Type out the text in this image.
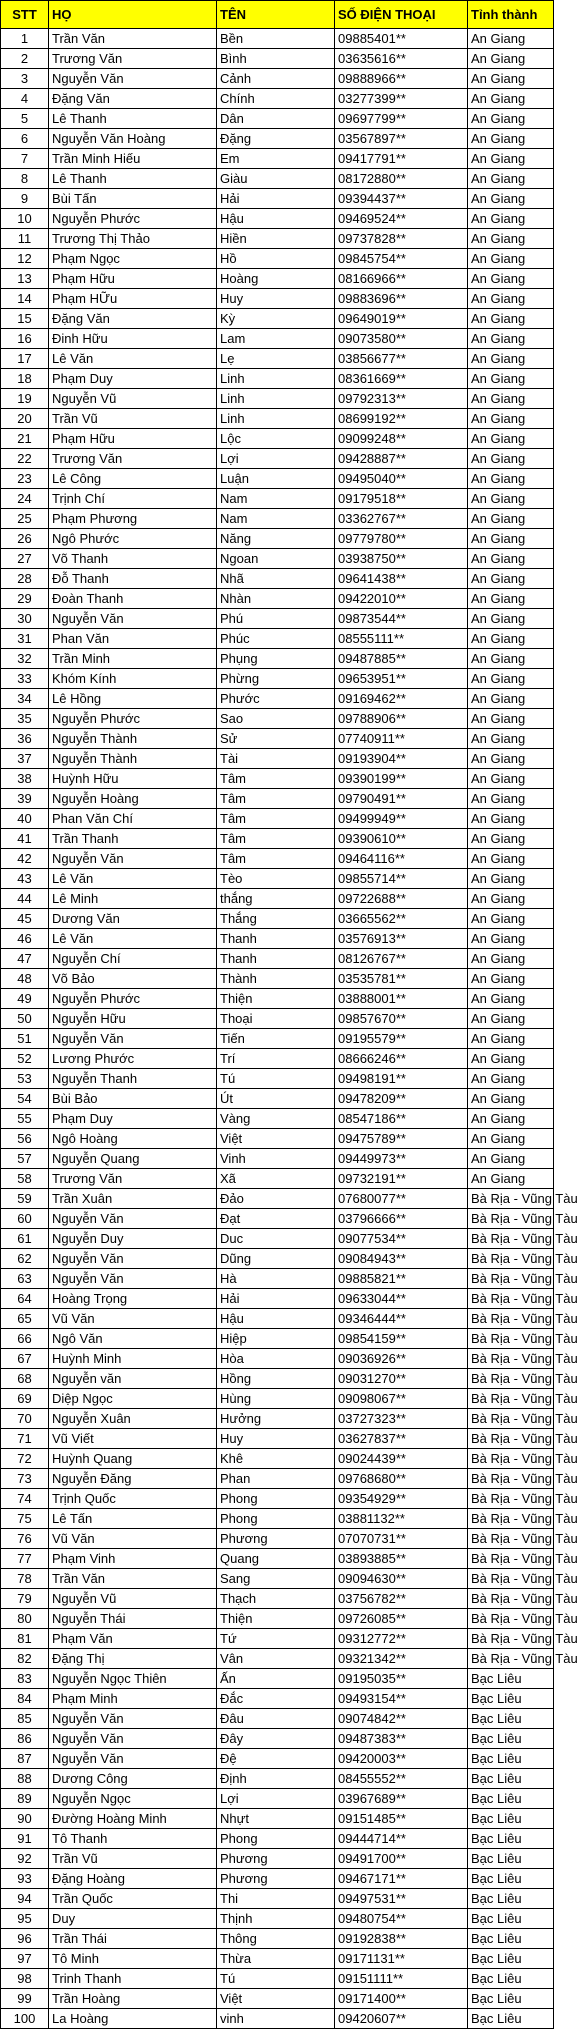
STT	HỌ	TÊN	SỐ ĐIỆN THOẠI	Tỉnh thành
1	Trần Văn	Bền	09885401**	An Giang
2	Trương Văn	Bình	03635616**	An Giang
3	Nguyễn Văn	Cảnh	09888966**	An Giang
4	Đặng Văn	Chính	03277399**	An Giang
5	Lê Thanh	Dân	09697799**	An Giang
6	Nguyễn Văn Hoàng	Đặng	03567897**	An Giang
7	Trần Minh Hiếu	Em	09417791**	An Giang
8	Lê Thanh	Giàu	08172880**	An Giang
9	Bùi Tấn	Hải	09394437**	An Giang
10	Nguyễn Phước	Hậu	09469524**	An Giang
11	Trương Thị Thảo	Hiền	09737828**	An Giang
12	Phạm Ngọc	Hồ	09845754**	An Giang
13	Phạm Hữu	Hoàng	08166966**	An Giang
14	Phạm HỮu	Huy	09883696**	An Giang
15	Đặng Văn	Kỳ	09649019**	An Giang
16	Đinh Hữu	Lam	09073580**	An Giang
17	Lê Văn	Lẹ	03856677**	An Giang
18	Phạm Duy	Linh	08361669**	An Giang
19	Nguyễn Vũ	Linh	09792313**	An Giang
20	Trần Vũ	Linh	08699192**	An Giang
21	Phạm Hữu	Lộc	09099248**	An Giang
22	Trương Văn	Lợi	09428887**	An Giang
23	Lê Công	Luận	09495040**	An Giang
24	Trịnh Chí	Nam	09179518**	An Giang
25	Phạm Phương	Nam	03362767**	An Giang
26	Ngô Phước	Năng	09779780**	An Giang
27	Võ Thanh	Ngoan	03938750**	An Giang
28	Đỗ Thanh	Nhã	09641438**	An Giang
29	Đoàn Thanh	Nhàn	09422010**	An Giang
30	Nguyễn Văn	Phú	09873544**	An Giang
31	Phan Văn	Phúc	08555111**	An Giang
32	Trần Minh	Phụng	09487885**	An Giang
33	Khóm Kính	Phừng	09653951**	An Giang
34	Lê Hồng	Phước	09169462**	An Giang
35	Nguyễn Phước	Sao	09788906**	An Giang
36	Nguyễn Thành	Sử	07740911**	An Giang
37	Nguyễn Thành	Tài	09193904**	An Giang
38	Huỳnh Hữu	Tâm	09390199**	An Giang
39	Nguyễn Hoàng	Tâm	09790491**	An Giang
40	Phan Văn Chí	Tâm	09499949**	An Giang
41	Trần Thanh	Tâm	09390610**	An Giang
42	Nguyễn Văn	Tâm	09464116**	An Giang
43	Lê Văn	Tèo	09855714**	An Giang
44	Lê Minh	thắng	09722688**	An Giang
45	Dương Văn	Thắng	03665562**	An Giang
46	Lê Văn	Thanh	03576913**	An Giang
47	Nguyễn Chí	Thanh	08126767**	An Giang
48	Võ Bảo	Thành	03535781**	An Giang
49	Nguyễn Phước	Thiện	03888001**	An Giang
50	Nguyễn Hữu	Thoại	09857670**	An Giang
51	Nguyễn Văn	Tiến	09195579**	An Giang
52	Lương Phước	Trí	08666246**	An Giang
53	Nguyễn Thanh	Tú	09498191**	An Giang
54	Bùi Bảo	Út	09478209**	An Giang
55	Phạm Duy	Vàng	08547186**	An Giang
56	Ngô Hoàng	Việt	09475789**	An Giang
57	Nguyễn Quang	Vinh	09449973**	An Giang
58	Trương Văn	Xã	09732191**	An Giang
59	Trần Xuân	Đảo	07680077**	Bà Rịa - Vũng Tàu
60	Nguyễn Văn	Đạt	03796666**	Bà Rịa - Vũng Tàu
61	Nguyễn Duy	Duc	09077534**	Bà Rịa - Vũng Tàu
62	Nguyễn Văn	Dũng	09084943**	Bà Rịa - Vũng Tàu
63	Nguyễn Văn	Hà	09885821**	Bà Rịa - Vũng Tàu
64	Hoàng Trọng	Hải	09633044**	Bà Rịa - Vũng Tàu
65	Vũ Văn	Hậu	09346444**	Bà Rịa - Vũng Tàu
66	Ngô Văn	Hiệp	09854159**	Bà Rịa - Vũng Tàu
67	Huỳnh Minh	Hòa	09036926**	Bà Rịa - Vũng Tàu
68	Nguyễn văn	Hồng	09031270**	Bà Rịa - Vũng Tàu
69	Diệp Ngọc	Hùng	09098067**	Bà Rịa - Vũng Tàu
70	Nguyễn Xuân	Hưởng	03727323**	Bà Rịa - Vũng Tàu
71	Vũ Viết	Huy	03627837**	Bà Rịa - Vũng Tàu
72	Huỳnh Quang	Khê	09024439**	Bà Rịa - Vũng Tàu
73	Nguyễn Đăng	Phan	09768680**	Bà Rịa - Vũng Tàu
74	Trịnh Quốc	Phong	09354929**	Bà Rịa - Vũng Tàu
75	Lê Tấn	Phong	03881132**	Bà Rịa - Vũng Tàu
76	Vũ Văn	Phương	07070731**	Bà Rịa - Vũng Tàu
77	Phạm Vinh	Quang	03893885**	Bà Rịa - Vũng Tàu
78	Trần Văn	Sang	09094630**	Bà Rịa - Vũng Tàu
79	Nguyễn Vũ	Thạch	03756782**	Bà Rịa - Vũng Tàu
80	Nguyễn Thái	Thiện	09726085**	Bà Rịa - Vũng Tàu
81	Phạm Văn	Tứ	09312772**	Bà Rịa - Vũng Tàu
82	Đặng Thị	Vân	09321342**	Bà Rịa - Vũng Tàu
83	Nguyễn Ngọc Thiên	Ấn	09195035**	Bạc Liêu
84	Phạm Minh	Đắc	09493154**	Bạc Liêu
85	Nguyễn Văn	Đâu	09074842**	Bạc Liêu
86	Nguyễn Văn	Đây	09487383**	Bạc Liêu
87	Nguyễn Văn	Đệ	09420003**	Bạc Liêu
88	Dương Công	Định	08455552**	Bạc Liêu
89	Nguyễn Ngọc	Lợi	03967689**	Bạc Liêu
90	Đường Hoàng Minh	Nhựt	09151485**	Bạc Liêu
91	Tô Thanh	Phong	09444714**	Bạc Liêu
92	Trần Vũ	Phương	09491700**	Bạc Liêu
93	Đặng Hoàng	Phương	09467171**	Bạc Liêu
94	Trần Quốc	Thi	09497531**	Bạc Liêu
95	Duy	Thịnh	09480754**	Bạc Liêu
96	Trần Thái	Thông	09192838**	Bạc Liêu
97	Tô Minh	Thừa	09171131**	Bạc Liêu
98	Trinh Thanh	Tú	09151111**	Bạc Liêu
99	Trần Hoàng	Việt	09171400**	Bạc Liêu
100	La Hoàng	vinh	09420607**	Bạc Liêu
